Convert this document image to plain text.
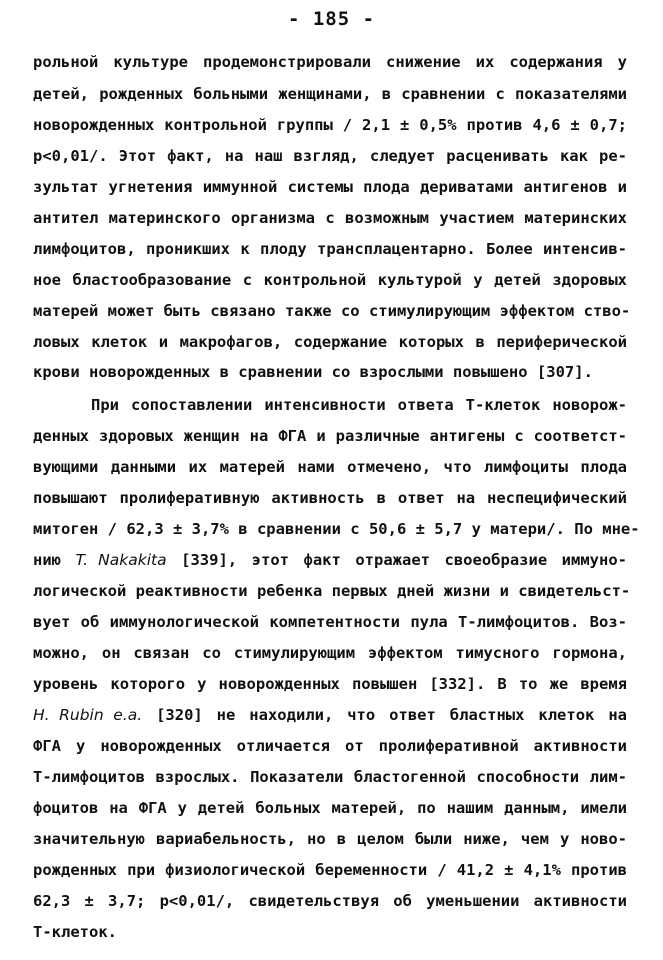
- 185 -
рольной культуре продемонстрировали снижение их содержания у
детей, рожденных больными женщинами, в сравнении с показателями
новорожденных контрольной группы / 2,1 ± 0,5% против 4,6 ± 0,7;
р<0,01/. Этот факт, на наш взгляд, следует расценивать как ре-
зультат угнетения иммунной системы плода дериватами антигенов и
антител материнского организма с возможным участием материнских
лимфоцитов, проникших к плоду трансплацентарно. Более интенсив-
ное бластообразование с контрольной культурой у детей здоровых
матерей может быть связано также со стимулирующим эффектом ство-
ловых клеток и макрофагов, содержание которых в периферической
крови новорожденных в сравнении со взрослыми повышено [307].
При сопоставлении интенсивности ответа Т-клеток новорож-
денных здоровых женщин на ФГА и различные антигены с соответст-
вующими данными их матерей нами отмечено, что лимфоциты плода
повышают пролиферативную активность в ответ на неспецифический
митоген / 62,3 ± 3,7% в сравнении с 50,6 ± 5,7 у матери/. По мне-
нию T. Nakakita [339], этот факт отражает своеобразие иммуно-
логической реактивности ребенка первых дней жизни и свидетельст-
вует об иммунологической компетентности пула Т-лимфоцитов. Воз-
можно, он связан со стимулирующим эффектом тимусного гормона,
уровень которого у новорожденных повышен [332]. В то же время
H. Rubin e.a. [320] не находили, что ответ бластных клеток на
ФГА у новорожденных отличается от пролиферативной активности
Т-лимфоцитов взрослых. Показатели бластогенной способности лим-
фоцитов на ФГА у детей больных матерей, по нашим данным, имели
значительную вариабельность, но в целом были ниже, чем у ново-
рожденных при физиологической беременности / 41,2 ± 4,1% против
62,3 ± 3,7; р<0,01/, свидетельствуя об уменьшении активности
Т-клеток.
